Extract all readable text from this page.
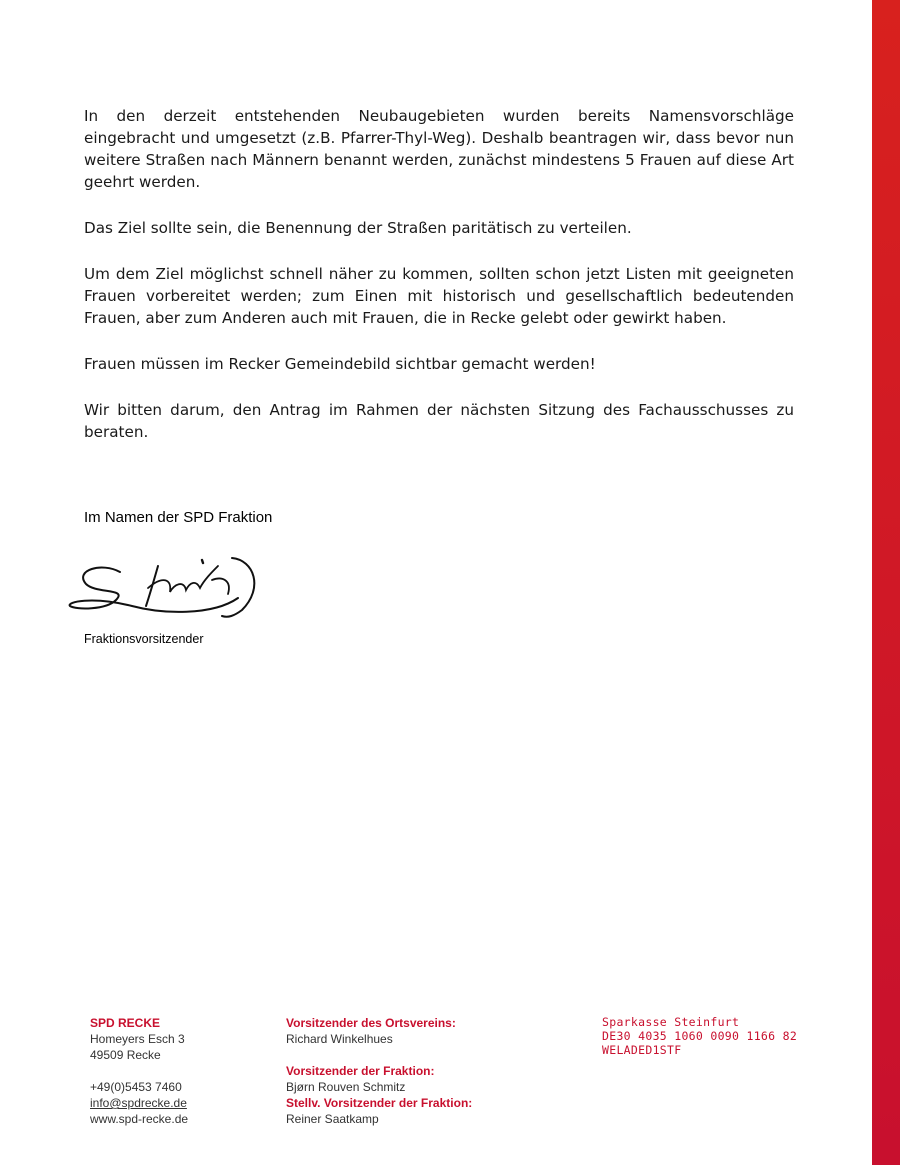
In den derzeit entstehenden Neubaugebieten wurden bereits Namensvorschläge eingebracht und umgesetzt (z.B. Pfarrer-Thyl-Weg). Deshalb beantragen wir, dass bevor nun weitere Straßen nach Männern benannt werden, zunächst mindestens 5 Frauen auf diese Art geehrt werden.

Das Ziel sollte sein, die Benennung der Straßen paritätisch zu verteilen.

Um dem Ziel möglichst schnell näher zu kommen, sollten schon jetzt Listen mit geeigneten Frauen vorbereitet werden; zum Einen mit historisch und gesellschaftlich bedeutenden Frauen, aber zum Anderen auch mit Frauen, die in Recke gelebt oder gewirkt haben.

Frauen müssen im Recker Gemeindebild sichtbar gemacht werden!

Wir bitten darum, den Antrag im Rahmen der nächsten Sitzung des Fachausschusses zu beraten.

Im Namen der SPD Fraktion
Fraktionsvorsitzender
SPD RECKE
Homeyers Esch 3
49509 Recke
+49(0)5453 7460
info@spdrecke.de
www.spd-recke.de
Vorsitzender des Ortsvereins:
Richard Winkelhues
Vorsitzender der Fraktion:
Bjørn Rouven Schmitz
Stellv. Vorsitzender der Fraktion:
Reiner Saatkamp
Sparkasse Steinfurt
DE30 4035 1060 0090 1166 82
WELADED1STF
